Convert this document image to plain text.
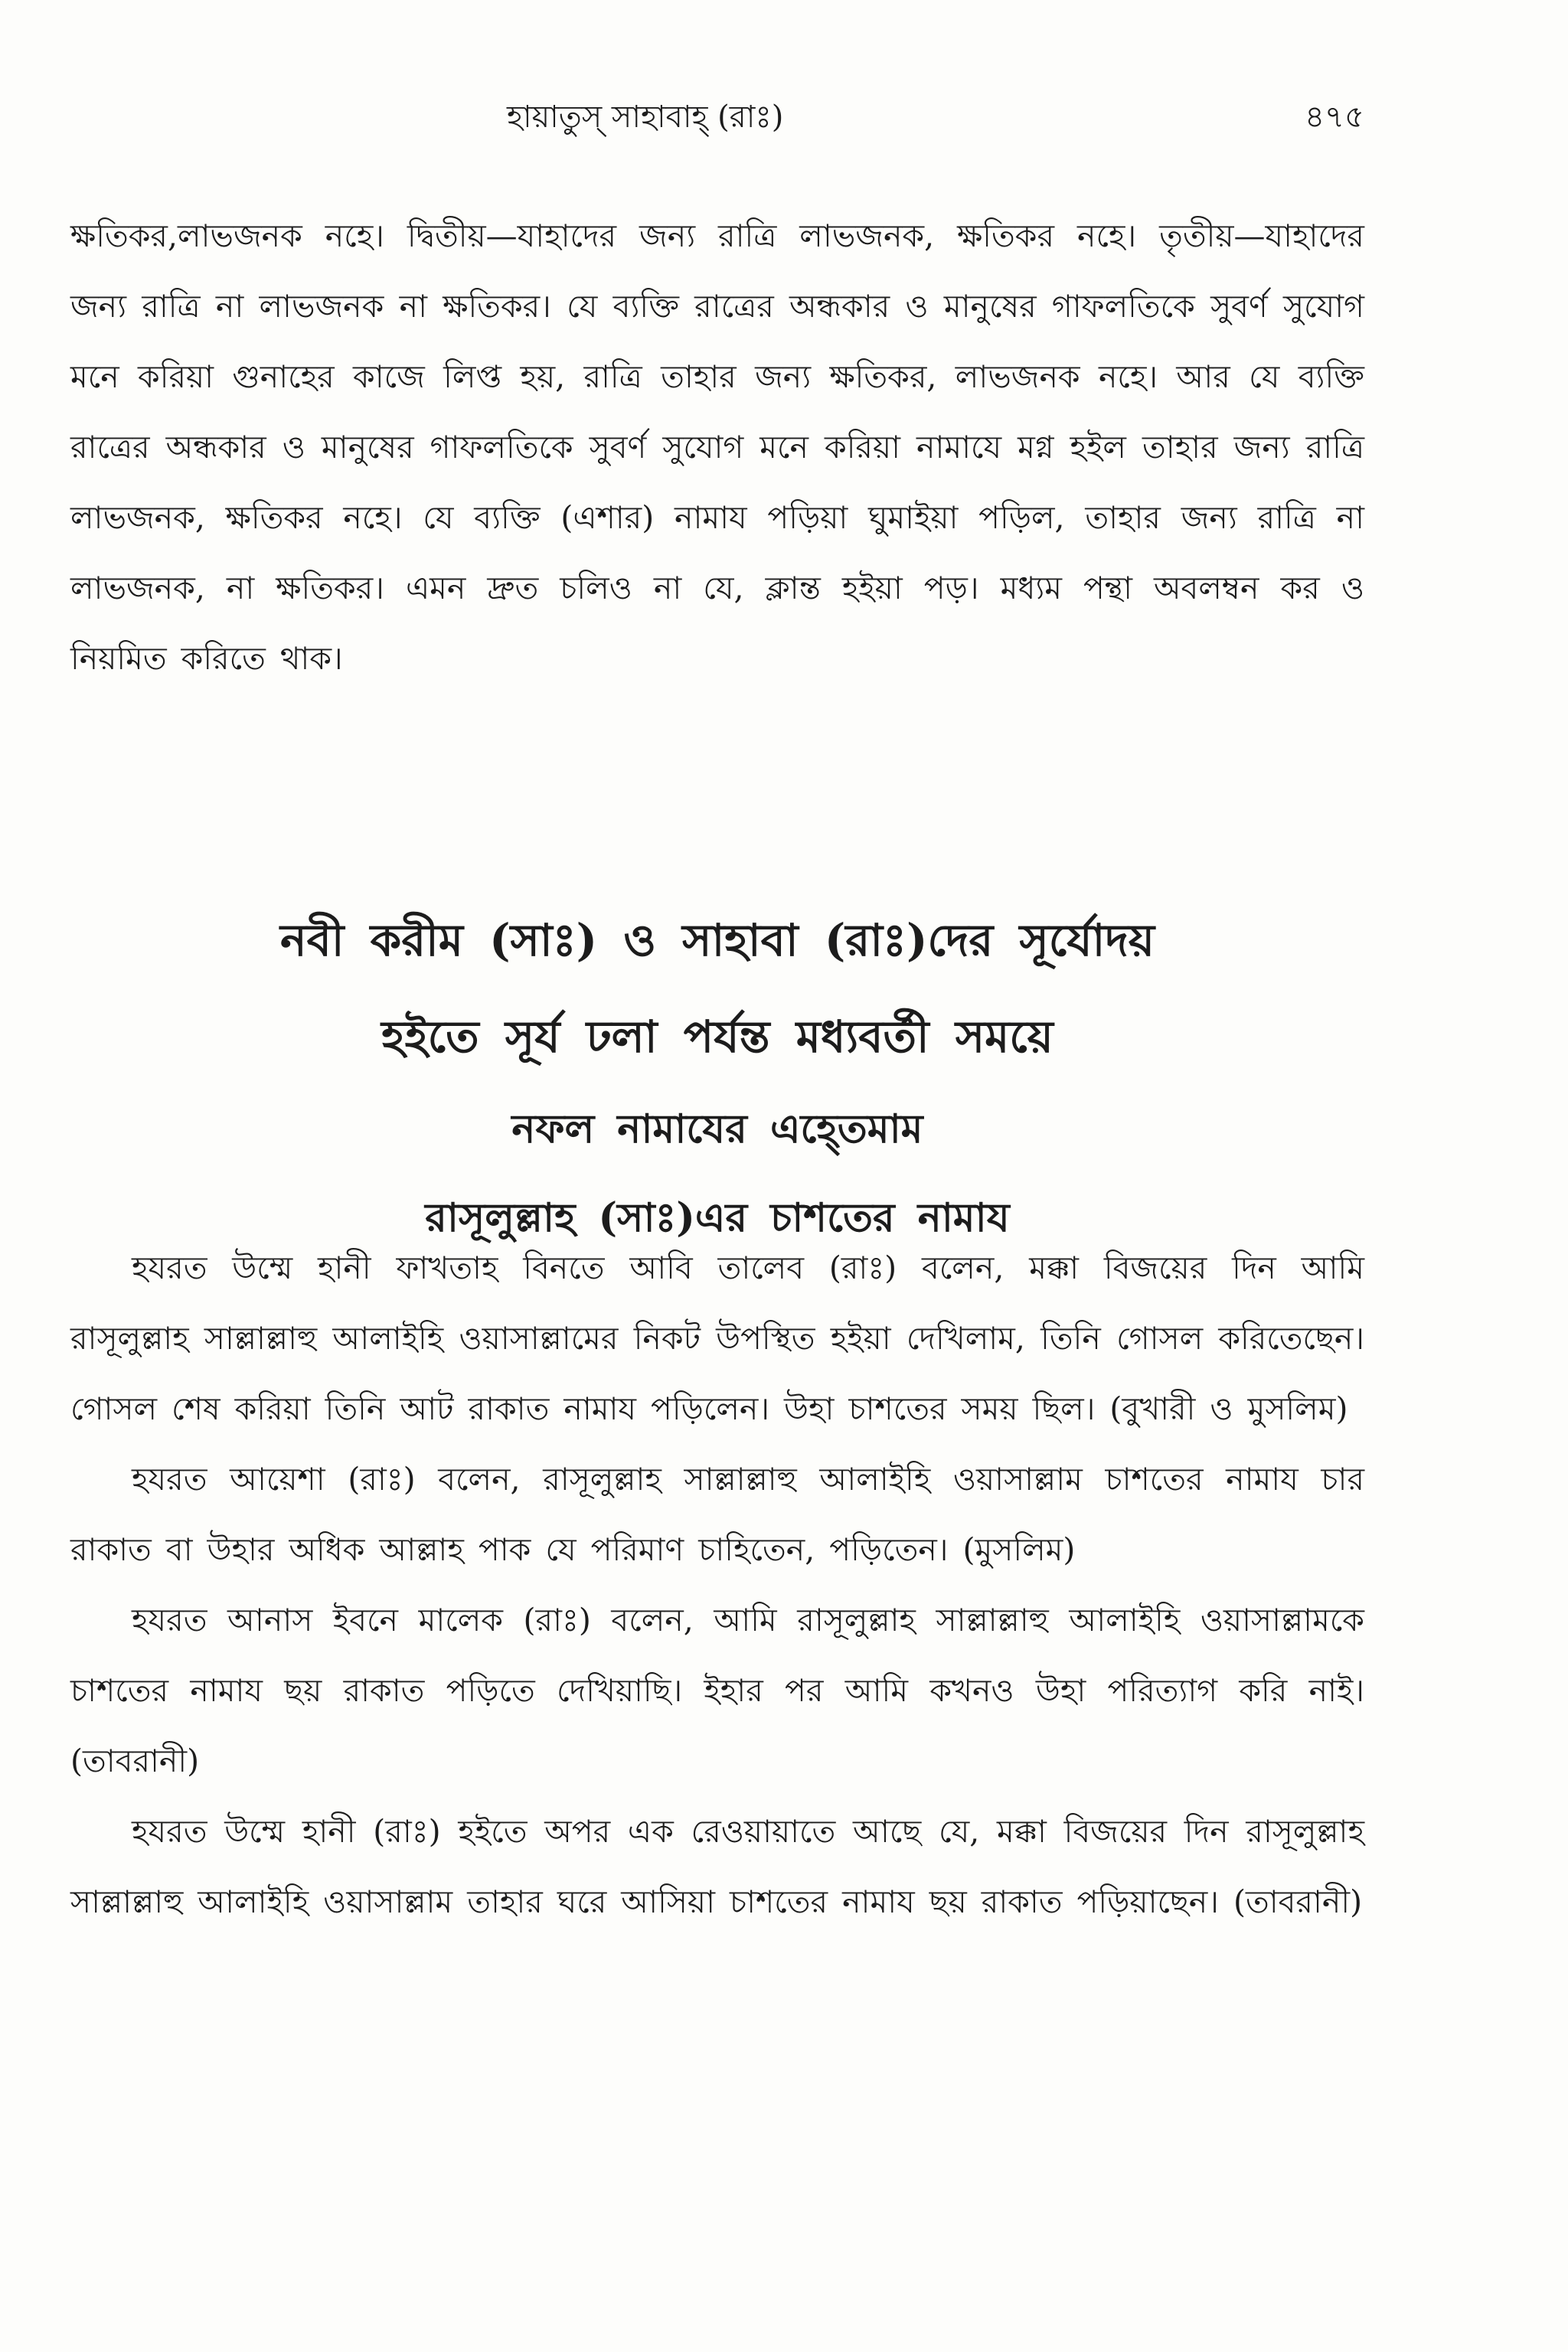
হায়াতুস্ সাহাবাহ্ (রাঃ)	৪৭৫

ক্ষতিকর,লাভজনক নহে। দ্বিতীয়—যাহাদের জন্য রাত্রি লাভজনক, ক্ষতিকর নহে। তৃতীয়—যাহাদের জন্য রাত্রি না লাভজনক না ক্ষতিকর। যে ব্যক্তি রাত্রের অন্ধকার ও মানুষের গাফলতিকে সুবর্ণ সুযোগ মনে করিয়া গুনাহের কাজে লিপ্ত হয়, রাত্রি তাহার জন্য ক্ষতিকর, লাভজনক নহে। আর যে ব্যক্তি রাত্রের অন্ধকার ও মানুষের গাফলতিকে সুবর্ণ সুযোগ মনে করিয়া নামাযে মগ্ন হইল তাহার জন্য রাত্রি লাভজনক, ক্ষতিকর নহে। যে ব্যক্তি (এশার) নামায পড়িয়া ঘুমাইয়া পড়িল, তাহার জন্য রাত্রি না লাভজনক, না ক্ষতিকর। এমন দ্রুত চলিও না যে, ক্লান্ত হইয়া পড়। মধ্যম পন্থা অবলম্বন কর ও নিয়মিত করিতে থাক।

নবী করীম (সাঃ) ও সাহাবা (রাঃ)দের সূর্যোদয়

হইতে সূর্য ঢলা পর্যন্ত মধ্যবর্তী সময়ে

নফল নামাযের এহ্তেমাম

রাসূলুল্লাহ (সাঃ)এর চাশতের নামায

হযরত উম্মে হানী ফাখতাহ বিনতে আবি তালেব (রাঃ) বলেন, মক্কা বিজয়ের দিন আমি রাসূলুল্লাহ সাল্লাল্লাহু আলাইহি ওয়াসাল্লামের নিকট উপস্থিত হইয়া দেখিলাম, তিনি গোসল করিতেছেন। গোসল শেষ করিয়া তিনি আট রাকাত নামায পড়িলেন। উহা চাশতের সময় ছিল। (বুখারী ও মুসলিম)

হযরত আয়েশা (রাঃ) বলেন, রাসূলুল্লাহ সাল্লাল্লাহু আলাইহি ওয়াসাল্লাম চাশতের নামায চার রাকাত বা উহার অধিক আল্লাহ পাক যে পরিমাণ চাহিতেন, পড়িতেন। (মুসলিম)

হযরত আনাস ইবনে মালেক (রাঃ) বলেন, আমি রাসূলুল্লাহ সাল্লাল্লাহু আলাইহি ওয়াসাল্লামকে চাশতের নামায ছয় রাকাত পড়িতে দেখিয়াছি। ইহার পর আমি কখনও উহা পরিত্যাগ করি নাই। (তাবরানী)

হযরত উম্মে হানী (রাঃ) হইতে অপর এক রেওয়ায়াতে আছে যে, মক্কা বিজয়ের দিন রাসূলুল্লাহ সাল্লাল্লাহু আলাইহি ওয়াসাল্লাম তাহার ঘরে আসিয়া চাশতের নামায ছয় রাকাত পড়িয়াছেন। (তাবরানী)
